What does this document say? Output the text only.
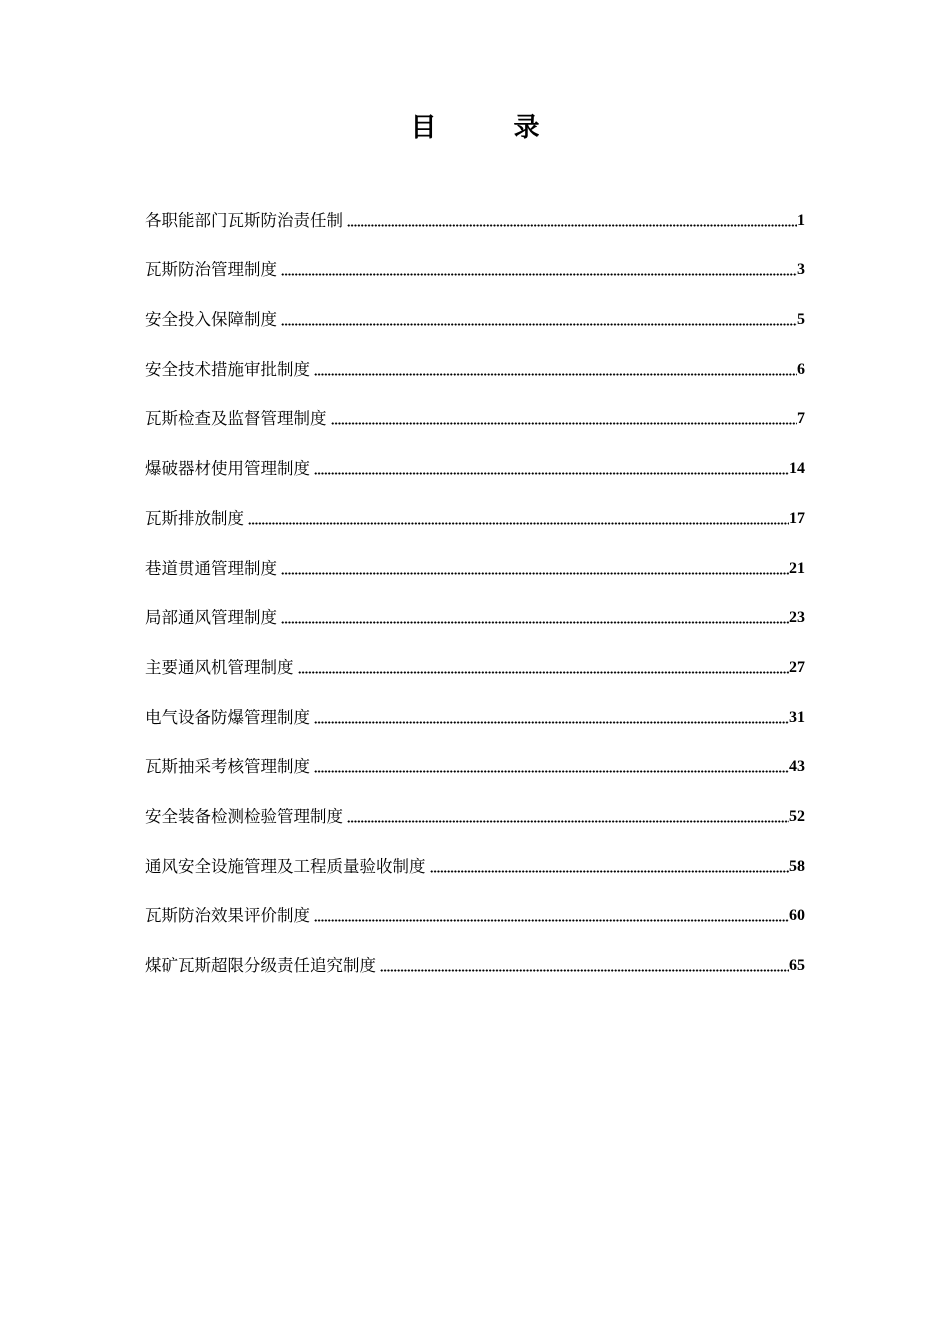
目 录
各职能部门瓦斯防治责任制	1
瓦斯防治管理制度	3
安全投入保障制度	5
安全技术措施审批制度	6
瓦斯检查及监督管理制度	7
爆破器材使用管理制度	14
瓦斯排放制度	17
巷道贯通管理制度	21
局部通风管理制度	23
主要通风机管理制度	27
电气设备防爆管理制度	31
瓦斯抽采考核管理制度	43
安全装备检测检验管理制度	52
通风安全设施管理及工程质量验收制度	58
瓦斯防治效果评价制度	60
煤矿瓦斯超限分级责任追究制度	65
